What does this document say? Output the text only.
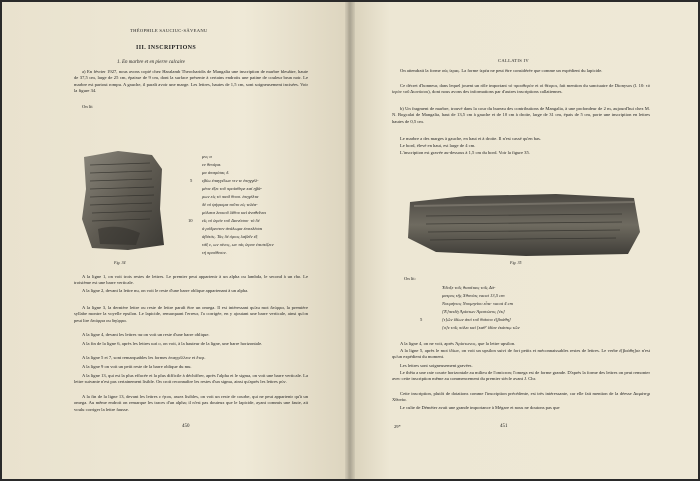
THÉOPHILE SAUCIUC-SĂVEANU
III. INSCRIPTIONS
1. En marbre et en pierre calcaire
a) En février 1927, nous avons copié chez Haralamb Theocharidis de Mangalia une inscription de marbre bleuâtre, haute de 37,5 cm, large de 25 cm, épaisse de 9 cm, dont la surface présente à certains endroits une patine de couleur brun noir. Le marbre est partout rompu. A gauche, il paraît avoir une marge. Les lettres, hautes de 1,5 cm, sont soigneusement incisées. Voir la figure 34.
On lit
Fig. 34
μνς α
εν θενάρα.
μα άπαρίσας δ.
εβίω έπαγγέλων νιν τε έπηγγέλ-
μένα έξει τοῦ προίσθερε καί ηβά-
ρων είς τό παιδ θουσ. ἐπηγέλτα
δέ τό ψήφισμα τοῦτο είς τελέα-
μόλατα λευκοῦ λίθου καί άναθεῖναι
εΐς τό ίερόν τοῦ Διονύσου· τό δέ
ά ρόδρεστον άνάλωμα ἐπιτελέσαι
άβύτάς. Τάς δέ όροις λαβεῖν ἐξ
τάξ ε, ων οίνος, ων τάς ίερον ἐπιστίζειν
τή προύθεσιν.
5
10
A la ligne 1, on voit trois restes de lettres. Le premier peut appartenir à un alpha ou lambda, le second à un rho. Le troisième est une barre verticale.
A la ligne 2, devant la lettre nu, on voit le reste d'une barre oblique appartenant à un alpha.
A la ligne 3, la dernière lettre ou reste de lettre paraît être un omega. Il est intéressant qu'au mot δεύρρα, la première syllabe montre la voyelle epsilon. Le lapicide, remarquant l'erreur, l'a corrigée, en y ajoutant une barre verticale, ainsi qu'on peut lire δειύρρα ou δηύρρα.
A la ligne 4, devant les lettres πα on voit un reste d'une barre oblique.
A la fin de la ligne 6, après les lettres καί ο, on voit, à la hauteur de la ligne, une barre horizontale.
A la ligne 5 et 7, sont remarquables les formes ἐπαγγέλλειν et ἔτερ.
A la ligne 9 on voit un petit reste de la barre oblique du mu.
A la ligne 13, qui est la plus effacée et la plus difficile à déchiffrer, après l'alpha et le sigma, on voit une barre verticale. La lettre suivante n'est pas certainement lisible. On croit reconnaître les restes d'un sigma, ainsi qu'après les lettres ρύν.
A la fin de la ligne 13, devant les lettres ε ήτου, assez lisibles, on voit un reste de courbe, qui ne peut appartenir qu'à un omega. Au même endroit on remarque les traces d'un alpha; il n'est pas douteux que le lapicide, ayant commis une faute, ait voulu corriger la lettre fausse.
450
CALLATIS IV
On attendrait la forme ούς ίερας. La forme ίερέα ne peut être considérée que comme un expédient du lapicide.
Ce décret d'honneur, dans lequel jouent un rôle important τό προσθερόν et οί θέοροι, fait mention du sanctuaire de Dionysos (l. 10: τό ίερόν τοῦ Διονύσου), dont nous avons des informations par d'autres inscriptions callatiennes.
b) Un fragment de marbre, trouvé dans la cour du bureau des contributions de Mangalia, à une profondeur de 2 m, aujourd'hui chez M. N. Bogcalai de Mangalia, haut de 13,5 cm à gauche et de 10 cm à droite, large de 31 cm, épais de 5 cm, porte une inscription en lettres hautes de 0,5 cm.
Le marbre a des marges à gauche, en haut et à droite. Il n'est cassé qu'en bas.
Le bord, élevé en haut, est large de 4 cm.
L'inscription est gravée au-dessous à 1,5 cm du bord. Voir la figure 35.
Fig. 35
On lit:
Ἐδοξε τοῖς θιασίταις τοῖς Δά-
ματρος τῆς Χθονίας vacat 13,5 cm
Νουμήνιος Νουμηνίου εἶπε· vacat 4 cm
[Ἐ]πειδὴ Ἀρίστων Ἀριστώνος [ἐκ]
[τ]ῶν ἰδίων ἀπό τοῦ θιάσου ἐ[βοάθη]
[σ]ε τοῖς πόλει καί [καθ' ἰδίαν ἑκάστῳ τῶν
5
A la ligne 4, on ne voit, après Ἀρίστωνος, que la lettre upsilon.
A la ligne 5, après le mot ἰδίων, on voit un upsilon suivi de fort petits et méconnaissables restes de lettres. Le verbe ἐ[βοάθη]σε n'est qu'un expédient du moment.
Les lettres sont soigneusement gravées.
Le thêta a une raie courte horizontale au milieu de l'omicron; l'omega est de forme grande. D'après la forme des lettres on peut remonter avec cette inscription même au commencement du premier siècle avant J. Chr.
Cette inscription, plutôt de dotations comme l'inscription précédente, est très intéressante, car elle fait mention de la déesse Δαμάτηρ Χθονία.
Le culte de Déméter avait une grande importance à Mégare et nous ne doutons pas que
29*	451
